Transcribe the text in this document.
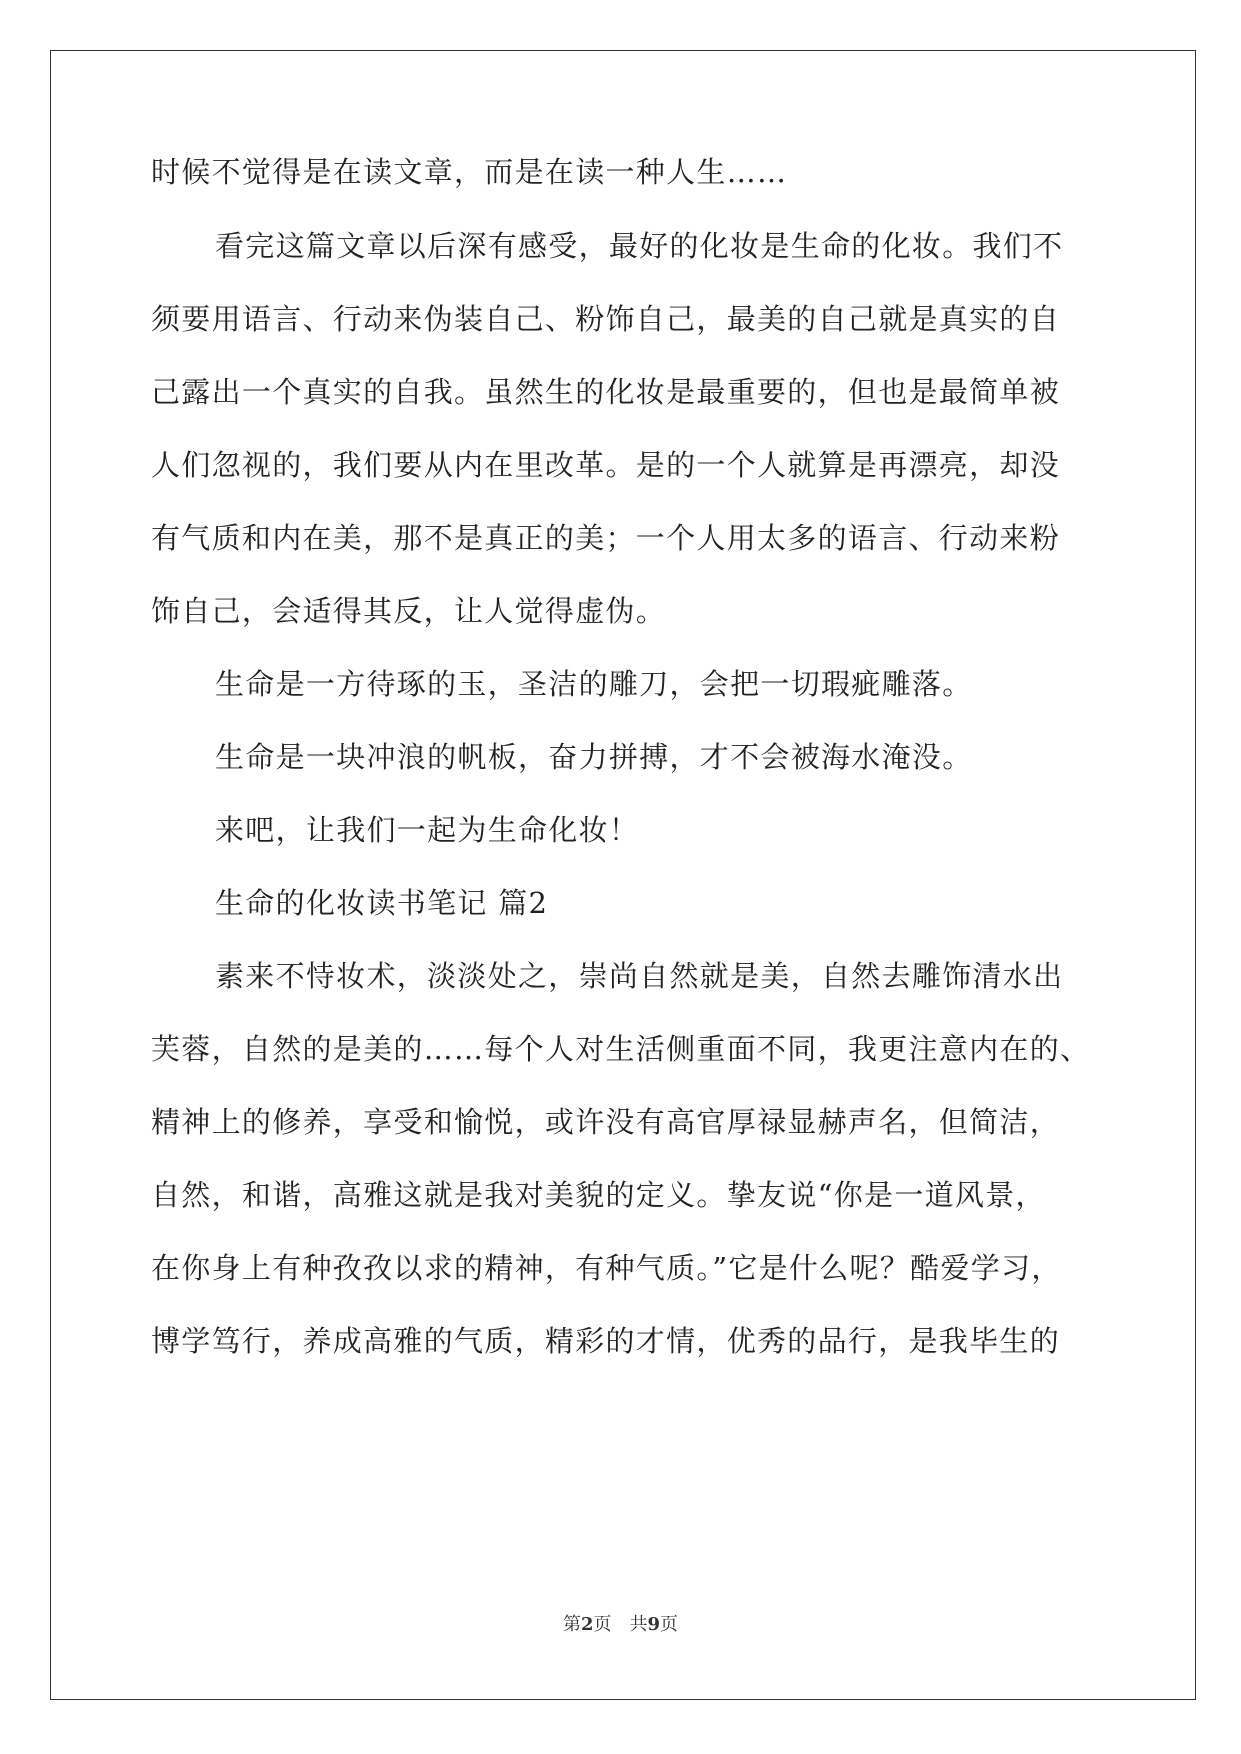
时候不觉得是在读文章，而是在读一种人生……
看完这篇文章以后深有感受，最好的化妆是生命的化妆。我们不
须要用语言、行动来伪装自己、粉饰自己，最美的自己就是真实的自
己露出一个真实的自我。虽然生的化妆是最重要的，但也是最简单被
人们忽视的，我们要从内在里改革。是的一个人就算是再漂亮，却没
有气质和内在美，那不是真正的美；一个人用太多的语言、行动来粉
饰自己，会适得其反，让人觉得虚伪。
生命是一方待琢的玉，圣洁的雕刀，会把一切瑕疵雕落。
生命是一块冲浪的帆板，奋力拼搏，才不会被海水淹没。
来吧，让我们一起为生命化妆！
生命的化妆读书笔记 篇2
素来不恃妆术，淡淡处之，崇尚自然就是美，自然去雕饰清水出
芙蓉，自然的是美的……每个人对生活侧重面不同，我更注意内在的、
精神上的修养，享受和愉悦，或许没有高官厚禄显赫声名，但简洁，
自然，和谐，高雅这就是我对美貌的定义。挚友说“你是一道风景，
在你身上有种孜孜以求的精神，有种气质。”它是什么呢？酷爱学习，
博学笃行，养成高雅的气质，精彩的才情，优秀的品行，是我毕生的
第2页　共9页
